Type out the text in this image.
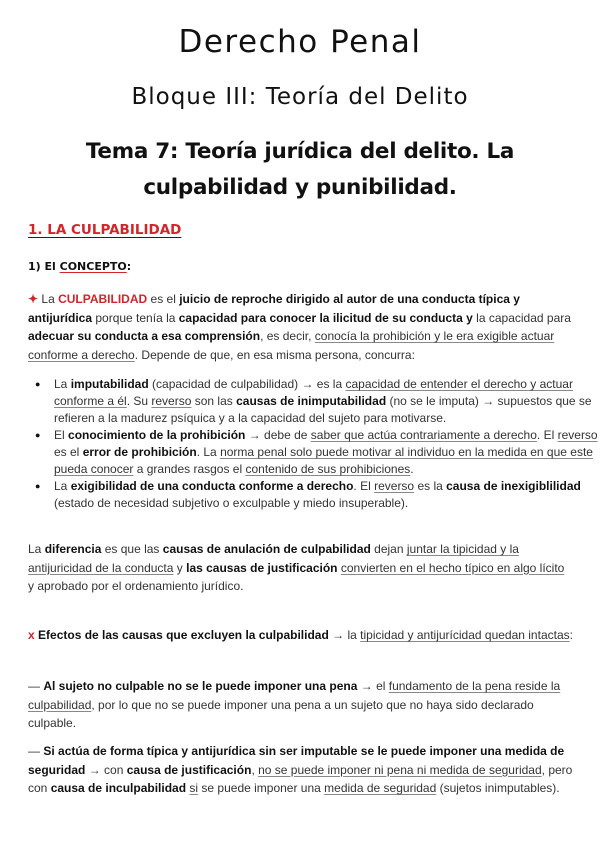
Derecho Penal
Bloque III: Teoría del Delito
Tema 7: Teoría jurídica del delito. La culpabilidad y punibilidad.
1. LA CULPABILIDAD
1) El CONCEPTO:
✦ La CULPABILIDAD es el juicio de reproche dirigido al autor de una conducta típica y antijurídica porque tenía la capacidad para conocer la ilicitud de su conducta y la capacidad para adecuar su conducta a esa comprensión, es decir, conocía la prohibición y le era exigible actuar conforme a derecho. Depende de que, en esa misma persona, concurra:
● La imputabilidad (capacidad de culpabilidad) → es la capacidad de entender el derecho y actuar conforme a él. Su reverso son las causas de inimputabilidad (no se le imputa) → supuestos que se refieren a la madurez psíquica y a la capacidad del sujeto para motivarse.
● El conocimiento de la prohibición → debe de saber que actúa contrariamente a derecho. El reverso es el error de prohibición. La norma penal solo puede motivar al individuo en la medida en que este pueda conocer a grandes rasgos el contenido de sus prohibiciones.
● La exigibilidad de una conducta conforme a derecho. El reverso es la causa de inexigiblilidad (estado de necesidad subjetivo o exculpable y miedo insuperable).
La diferencia es que las causas de anulación de culpabilidad dejan juntar la tipicidad y la antijuricidad de la conducta y las causas de justificación convierten en el hecho típico en algo lícito y aprobado por el ordenamiento jurídico.
x Efectos de las causas que excluyen la culpabilidad → la tipicidad y antijurícidad quedan intactas:
— Al sujeto no culpable no se le puede imponer una pena → el fundamento de la pena reside la culpabilidad, por lo que no se puede imponer una pena a un sujeto que no haya sido declarado culpable.
— Si actúa de forma típica y antijurídica sin ser imputable se le puede imponer una medida de seguridad → con causa de justificación, no se puede imponer ni pena ni medida de seguridad, pero con causa de inculpabilidad si se puede imponer una medida de seguridad (sujetos inimputables).
